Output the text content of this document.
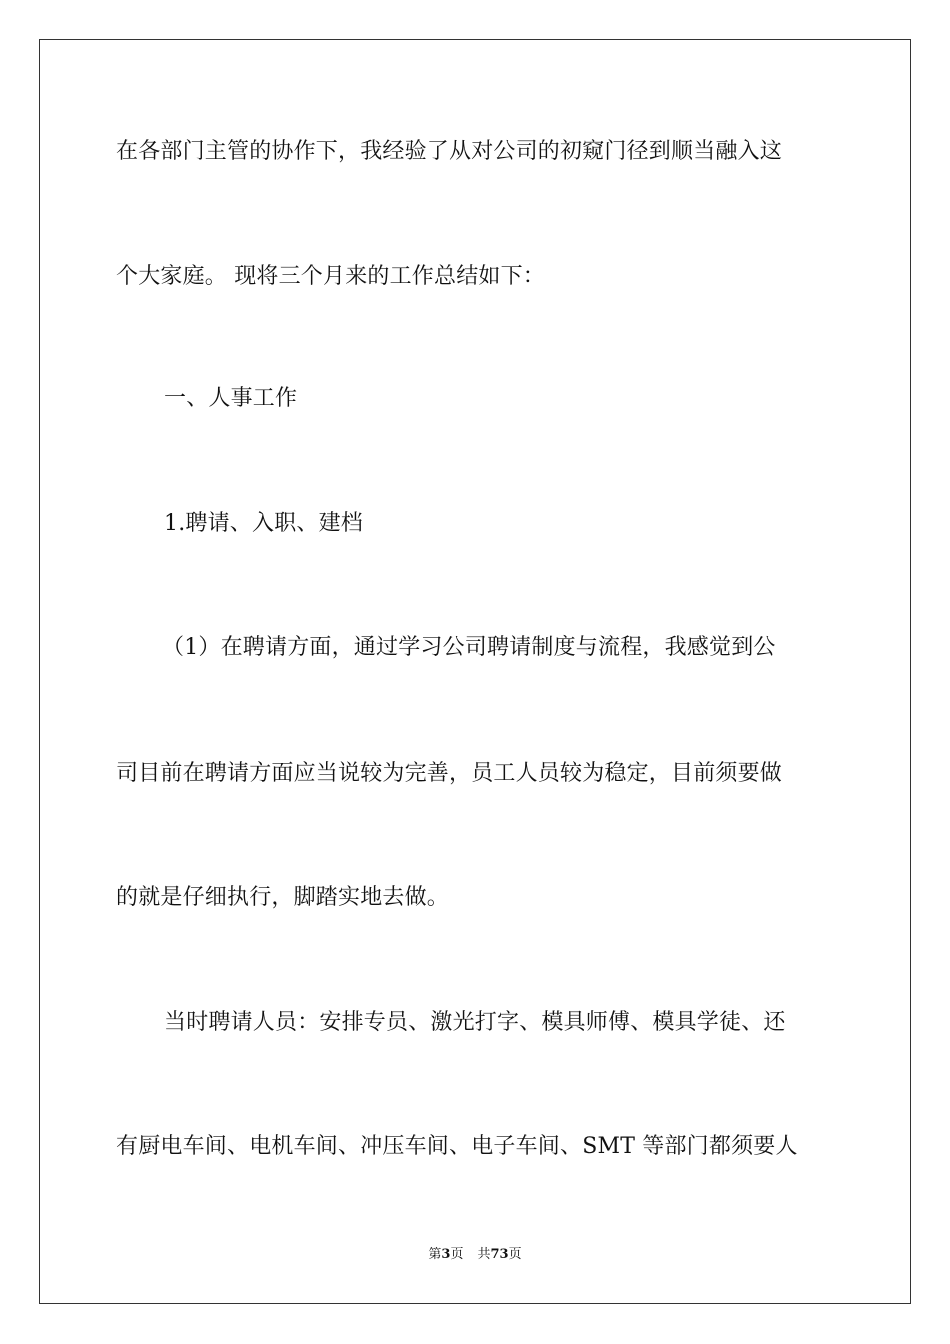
在各部门主管的协作下，我经验了从对公司的初窥门径到顺当融入这
个大家庭。 现将三个月来的工作总结如下：
一、人事工作
1.聘请、入职、建档
（1）在聘请方面，通过学习公司聘请制度与流程，我感觉到公
司目前在聘请方面应当说较为完善，员工人员较为稳定，目前须要做
的就是仔细执行，脚踏实地去做。
当时聘请人员：安排专员、激光打字、模具师傅、模具学徒、还
有厨电车间、电机车间、冲压车间、电子车间、SMT 等部门都须要人
第3页 共73页
